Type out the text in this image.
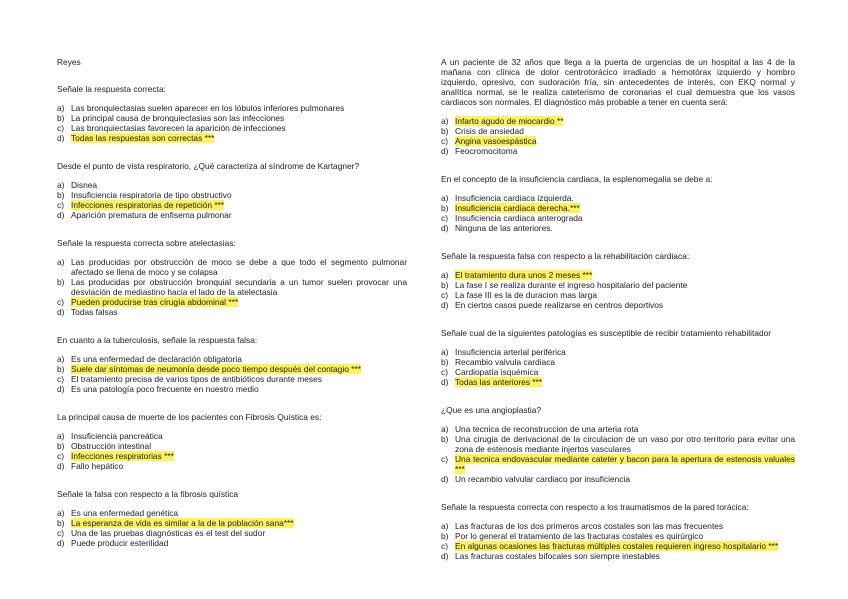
Reyes
Señale la respuesta correcta:
a) Las bronquiectasias suelen aparecer en los lóbulos inferiores pulmonares
b) La principal causa de bronquiectasias son las infecciones
c) Las bronquiectasias favorecen la aparición de infecciones
d) Todas las respuestas son correctas ***
Desde el punto de vista respiratorio, ¿Qué caracteriza al síndrome de Kartagner?
a) Disnea
b) Insuficiencia respiratoria de tipo obstructivo
c) Infecciones respiratorias de repetición ***
d) Aparición prematura de enfisema pulmonar
Señale la respuesta correcta sobre atelectasias:
a) Las producidas por obstrucción de moco se debe a que todo el segmento pulmonar afectado se llena de moco y se colapsa
b) Las producidas por obstrucción bronquial secundaria a un tumor suelen provocar una desviación de mediastino hacia el lado de la atelectasia
c) Pueden producirse tras cirugía abdominal ***
d) Todas falsas
En cuanto a la tuberculosis, señale la respuesta falsa:
a) Es una enfermedad de declaración obligatoria
b) Suele dar síntomas de neumonía desde poco tiempo después del contagio ***
c) El tratamiento precisa de varios tipos de antibióticos durante meses
d) Es una patología poco frecuente en nuestro medio
La principal causa de muerte de los pacientes con Fibrosis Quística es:
a) Insuficiencia pancreática
b) Obstrucción intestinal
c) Infecciones respiratorias ***
d) Fallo hepático
Señale la falsa con respecto a la fibrosis quística
a) Es una enfermedad genética
b) La esperanza de vida es similar a la de la población sana***
c) Una de las pruebas diagnósticas es el test del sudor
d) Puede producir esterilidad
A un paciente de 32 años que llega a la puerta de urgencias de un hospital a las 4 de la mañana con clínica de dolor centrotorácico irradiado a hemotórax izquierdo y hombro izquierdo, opresivo, con sudoración fría, sin antecedentes de interés, con EKQ normal y analítica normal, se le realiza cateterismo de coronarias el cual demuestra que los vasos cardiacos son normales. El diagnóstico más probable a tener en cuenta será:
a) Infarto agudo de miocardio **
b) Crisis de ansiedad
c) Angina vasoespástica
d) Feocromocitoma
En el concepto de la insuficiencia cardiaca, la esplenomegalia se debe a:
a) Insuficiencia cardiaca izquierda.
b) Insuficiencia cardiaca derecha.***
c) Insuficiencia cardiaca anterograda
d) Ninguna de las anteriores.
Señale la respuesta falsa con respecto a la rehabilitación cardiaca:
a) El tratamiento dura unos 2 meses ***
b) La fase I se realiza durante el ingreso hospitalario del paciente
c) La fase III es la de duracion mas larga
d) En ciertos casos puede realizarse en centros deportivos
Señale cual de la siguientes patologías es susceptible de recibir tratamiento rehabilitador
a) Insuficiencia arterial periférica
b) Recambio valvula cardiaca
c) Cardiopatía isquémica
d) Todas las anteriores ***
¿Que es una angioplastia?
a) Una tecnica de reconstruccion de una arteria rota
b) Una cirugia de derivacional de la circulacion de un vaso por otro territorio para evitar una zona de estenosis mediante injertos vasculares
c) Una tecnica endovascular mediante cateter y bacon para la apertura de estenosis valuales ***
d) Un recambio valvular cardiaco por insuficiencia
Señale la respuesta correcta con respecto a los traumatismos de la pared torácica:
a) Las fracturas de los dos primeros arcos costales son las mas frecuentes
b) Por lo general el tratamiento de las fracturas costales es quirúrgico
c) En algunas ocasiones las fracturas múltiples costales requieren ingreso hospitalario ***
d) Las fracturas costales bifocales son siempre inestables
